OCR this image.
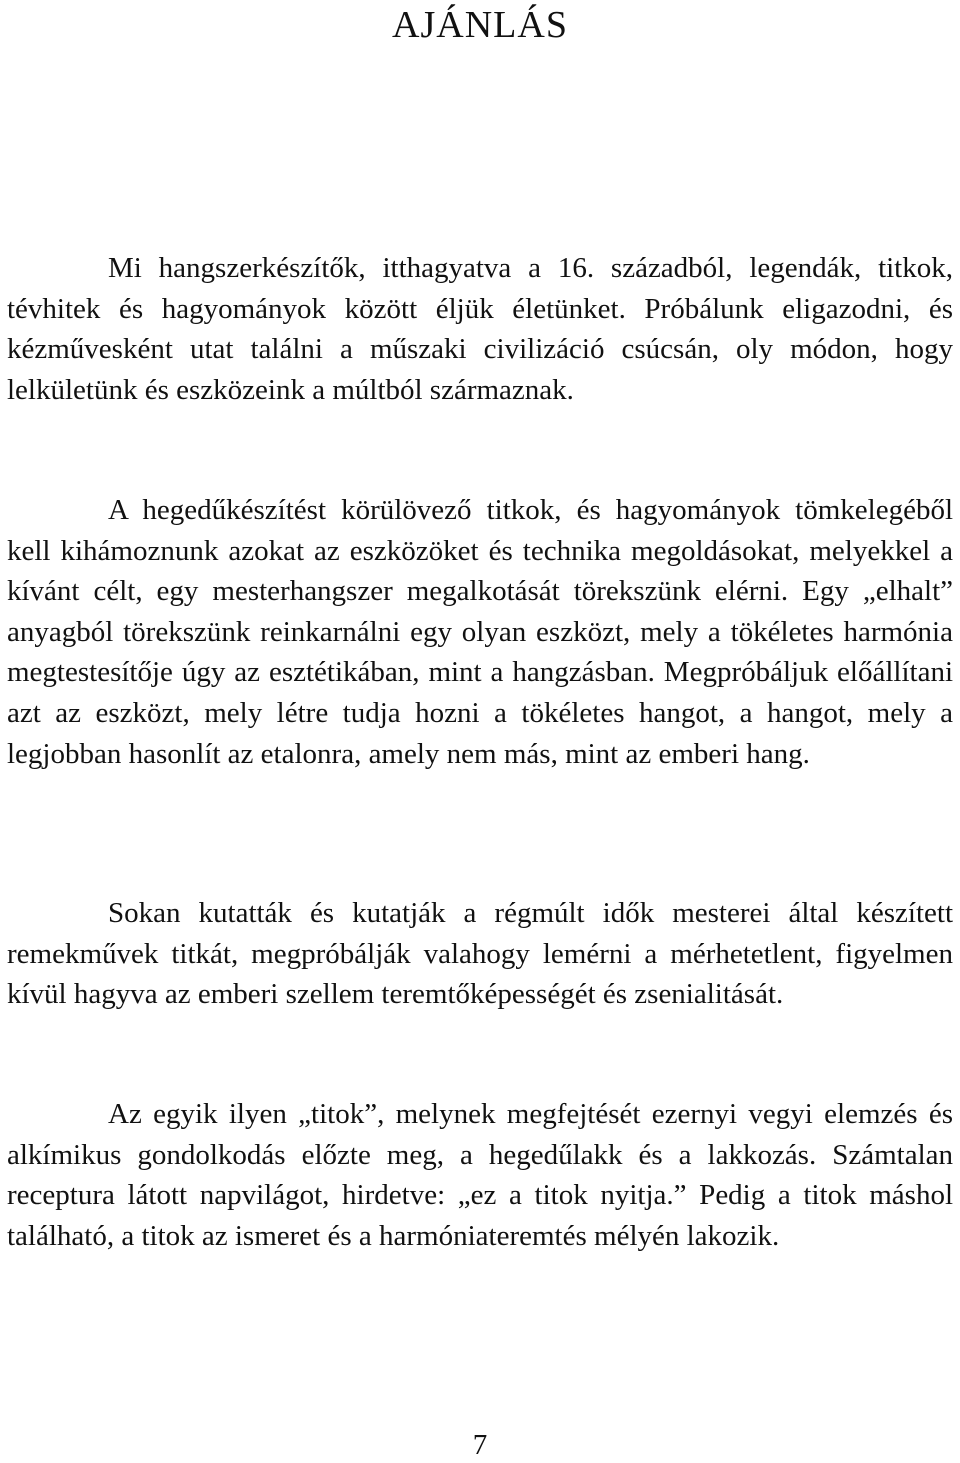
AJÁNLÁS

Mi hangszerkészítők, itthagyatva a 16. századból, legendák, titkok, tévhitek és hagyományok között éljük életünket. Próbálunk eligazodni, és kézművesként utat találni a műszaki civilizáció csúcsán, oly módon, hogy lelkületünk és eszközeink a múltból származnak.

A hegedűkészítést körülövező titkok, és hagyományok tömkelegéből kell kihámoznunk azokat az eszközöket és technika megoldásokat, melyekkel a kívánt célt, egy mesterhangszer megalkotását törekszünk elérni. Egy „elhalt” anyagból törekszünk reinkarnálni egy olyan eszközt, mely a tökéletes harmónia megtestesítője úgy az esztétikában, mint a hangzásban. Megpróbáljuk előállítani azt az eszközt, mely létre tudja hozni a tökéletes hangot, a hangot, mely a legjobban hasonlít az etalonra, amely nem más, mint az emberi hang.

Sokan kutatták és kutatják a régmúlt idők mesterei által készített remekművek titkát, megpróbálják valahogy lemérni a mérhetetlent, figyelmen kívül hagyva az emberi szellem teremtőképességét és zsenialitását.

Az egyik ilyen „titok”, melynek megfejtését ezernyi vegyi elemzés és alkímikus gondolkodás előzte meg, a hegedűlakk és a lakkozás. Számtalan receptura látott napvilágot, hirdetve: „ez a titok nyitja.” Pedig a titok máshol található, a titok az ismeret és a harmóniateremtés mélyén lakozik.

7
